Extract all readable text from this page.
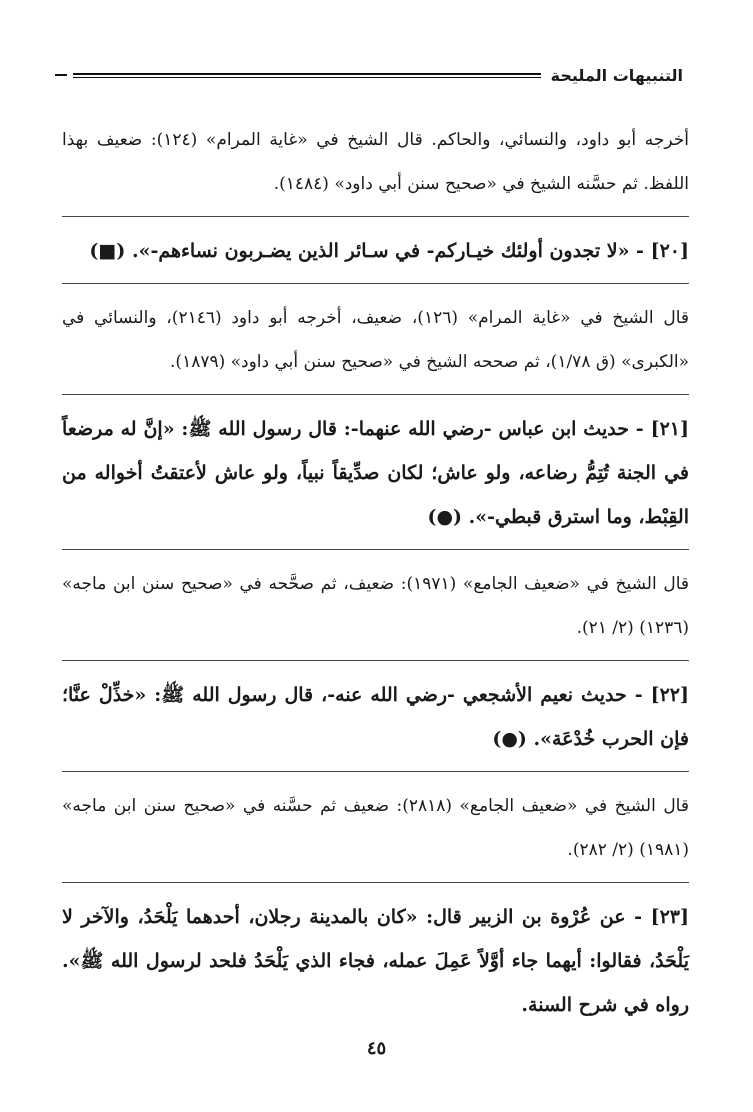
التنبيهات المليحة

أخرجه أبو داود، والنسائي، والحاكم. قال الشيخ في «غاية المرام» (١٢٤): ضعيف بهذا اللفظ. ثم حسَّنه الشيخ في «صحيح سنن أبي داود» (١٤٨٤).

[٢٠] - «لا تجدون أولئك خيـاركم- في سـائر الذين يضـربون نساءهم-». (■)

قال الشيخ في «غاية المرام» (١٢٦)، ضعيف، أخرجه أبو داود (٢١٤٦)، والنسائي في «الكبرى» (ق ١/٧٨)، ثم صححه الشيخ في «صحيح سنن أبي داود» (١٨٧٩).

[٢١] - حديث ابن عباس -رضي الله عنهما-: قال رسول الله ﷺ: «إنَّ له مرضعاً في الجنة تُتِمُّ رضاعه، ولو عاش؛ لكان صدِّيقاً نبياً، ولو عاش لأعتقتُ أخواله من القِبْط، وما استرق قبطي-». (●)

قال الشيخ في «ضعيف الجامع» (١٩٧١): ضعيف، ثم صحَّحه في «صحيح سنن ابن ماجه» (١٢٣٦) (٢/ ٢١).

[٢٢] - حديث نعيم الأشجعي -رضي الله عنه-، قال رسول الله ﷺ: «خذِّلْ عنَّا؛ فإن الحرب خُدْعَة». (●)

قال الشيخ في «ضعيف الجامع» (٢٨١٨): ضعيف ثم حسَّنه في «صحيح سنن ابن ماجه» (١٩٨١) (٢/ ٢٨٢).

[٢٣] - عن عُرْوة بن الزبير قال: «كان بالمدينة رجلان، أحدهما يَلْحَدُ، والآخر لا يَلْحَدُ، فقالوا: أيهما جاء أوَّلاً عَمِلَ عمله، فجاء الذي يَلْحَدُ فلحد لرسول الله ﷺ». رواه في شرح السنة.

٤٥
